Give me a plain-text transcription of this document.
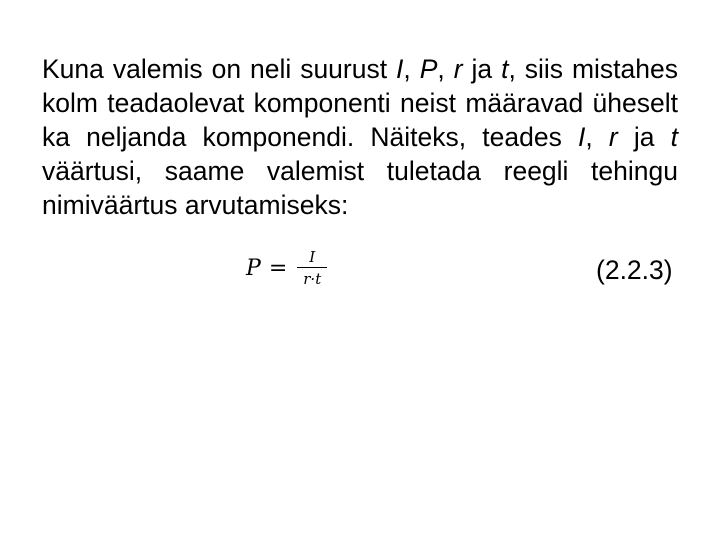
Kuna valemis on neli suurust I, P, r ja t, siis mistahes kolm teadaolevat komponenti neist määravad üheselt ka neljanda komponendi. Näiteks, teades I, r ja t väärtusi, saame valemist tuletada reegli tehingu nimiväärtus arvutamiseks:

$P = \frac{I}{r\cdot t}$	(2.2.3)
